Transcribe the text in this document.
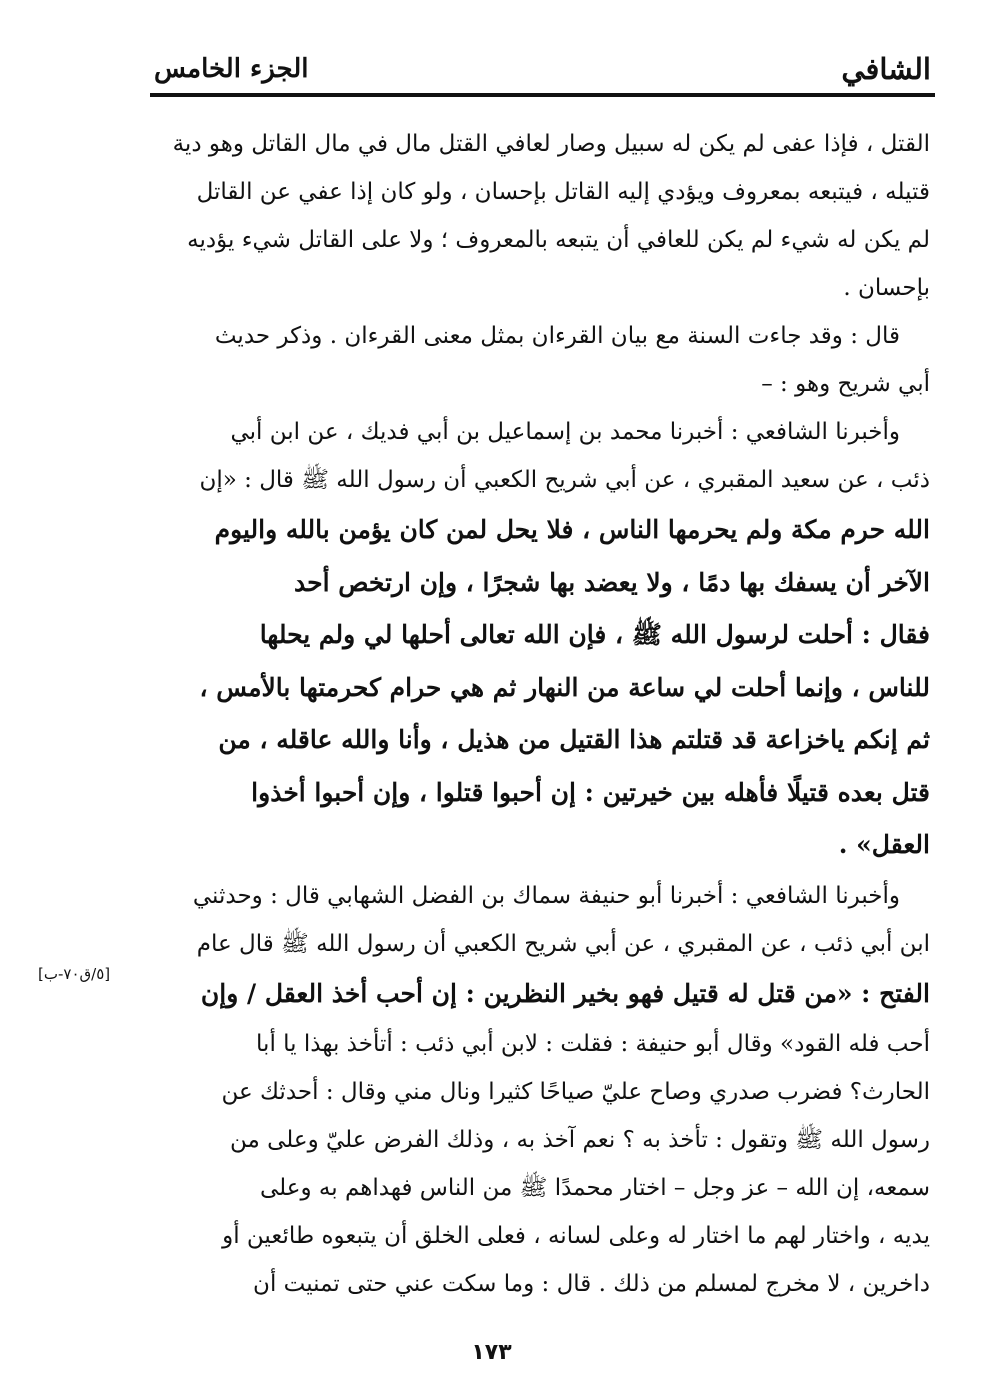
الشافي
الجزء الخامس
القتل ، فإذا عفى لم يكن له سبيل وصار لعافي القتل مال في مال القاتل وهو دية
قتيله ، فيتبعه بمعروف ويؤدي إليه القاتل بإحسان ، ولو كان إذا عفي عن القاتل
لم يكن له شيء لم يكن للعافي أن يتبعه بالمعروف ؛ ولا على القاتل شيء يؤديه
بإحسان .
قال : وقد جاءت السنة مع بيان القرءان بمثل معنى القرءان . وذكر حديث
أبي شريح وهو : –
وأخبرنا الشافعي : أخبرنا محمد بن إسماعيل بن أبي فديك ، عن ابن أبي
ذئب ، عن سعيد المقبري ، عن أبي شريح الكعبي أن رسول الله ﷺ قال : «إن
الله حرم مكة ولم يحرمها الناس ، فلا يحل لمن كان يؤمن بالله واليوم
الآخر أن يسفك بها دمًا ، ولا يعضد بها شجرًا ، وإن ارتخص أحد
فقال : أحلت لرسول الله ﷺ ، فإن الله تعالى أحلها لي ولم يحلها
للناس ، وإنما أحلت لي ساعة من النهار ثم هي حرام كحرمتها بالأمس ،
ثم إنكم ياخزاعة قد قتلتم هذا القتيل من هذيل ، وأنا والله عاقله ، من
قتل بعده قتيلًا فأهله بين خيرتين : إن أحبوا قتلوا ، وإن أحبوا أخذوا
العقل» .
وأخبرنا الشافعي : أخبرنا أبو حنيفة سماك بن الفضل الشهابي قال : وحدثني
ابن أبي ذئب ، عن المقبري ، عن أبي شريح الكعبي أن رسول الله ﷺ قال عام
الفتح : «من قتل له قتيل فهو بخير النظرين : إن أحب أخذ العقل / وإن
أحب فله القود» وقال أبو حنيفة : فقلت : لابن أبي ذئب : أتأخذ بهذا يا أبا
الحارث؟ فضرب صدري وصاح عليّ صياحًا كثيرا ونال مني وقال : أحدثك عن
رسول الله ﷺ وتقول : تأخذ به ؟ نعم آخذ به ، وذلك الفرض عليّ وعلى من
سمعه، إن الله – عز وجل – اختار محمدًا ﷺ من الناس فهداهم به وعلى
يديه ، واختار لهم ما اختار له وعلى لسانه ، فعلى الخلق أن يتبعوه طائعين أو
داخرين ، لا مخرج لمسلم من ذلك . قال : وما سكت عني حتى تمنيت أن
[٥/ق٧٠-ب]
١٧٣
